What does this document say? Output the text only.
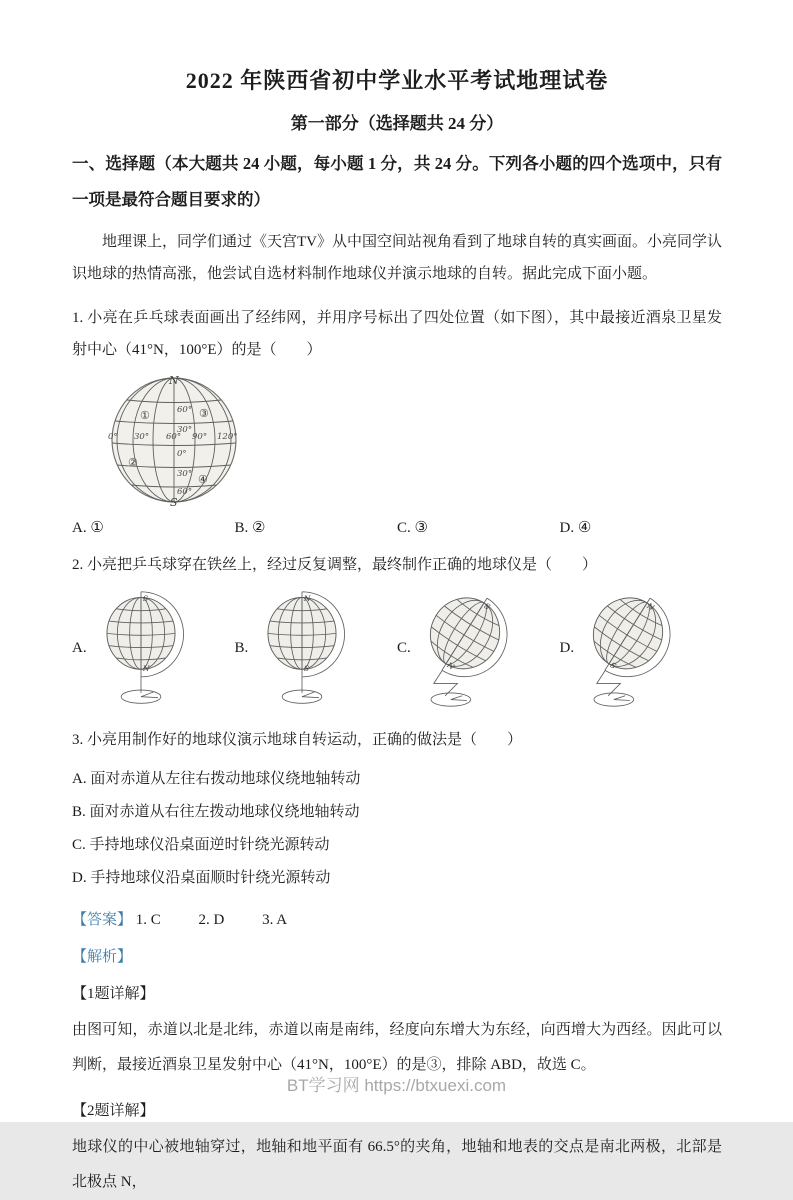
2022 年陕西省初中学业水平考试地理试卷
第一部分（选择题共 24 分）
一、选择题（本大题共 24 小题，每小题 1 分，共 24 分。下列各小题的四个选项中，只有一项是最符合题目要求的）

地理课上，同学们通过《天宫TV》从中国空间站视角看到了地球自转的真实画面。小亮同学认识地球的热情高涨，他尝试自选材料制作地球仪并演示地球的自转。据此完成下面小题。

1. 小亮在乒乓球表面画出了经纬网，并用序号标出了四处位置（如下图），其中最接近酒泉卫星发射中心（41°N，100°E）的是（　　）

N
S
60°
30°
0°
30°
60°
0° 30° 60° 90° 120°
①
②
③
④
A. ①	B. ②	C. ③	D. ④

2. 小亮把乒乓球穿在铁丝上，经过反复调整，最终制作正确的地球仪是（　　）

A.
S
N
B.
N
S
C.
S
N
D.
N
S

3. 小亮用制作好的地球仪演示地球自转运动，正确的做法是（　　）

A. 面对赤道从左往右拨动地球仪绕地轴转动
B. 面对赤道从右往左拨动地球仪绕地轴转动
C. 手持地球仪沿桌面逆时针绕光源转动
D. 手持地球仪沿桌面顺时针绕光源转动
【答案】 1. C	2. D	3. A
【解析】
【1题详解】

由图可知，赤道以北是北纬，赤道以南是南纬，经度向东增大为东经，向西增大为西经。因此可以判断，最接近酒泉卫星发射中心（41°N，100°E）的是③，排除 ABD，故选 C。

【2题详解】

地球仪的中心被地轴穿过，地轴和地平面有 66.5°的夹角，地轴和地表的交点是南北两极，北部是北极点 N，

BT学习网 https://btxuexi.com
